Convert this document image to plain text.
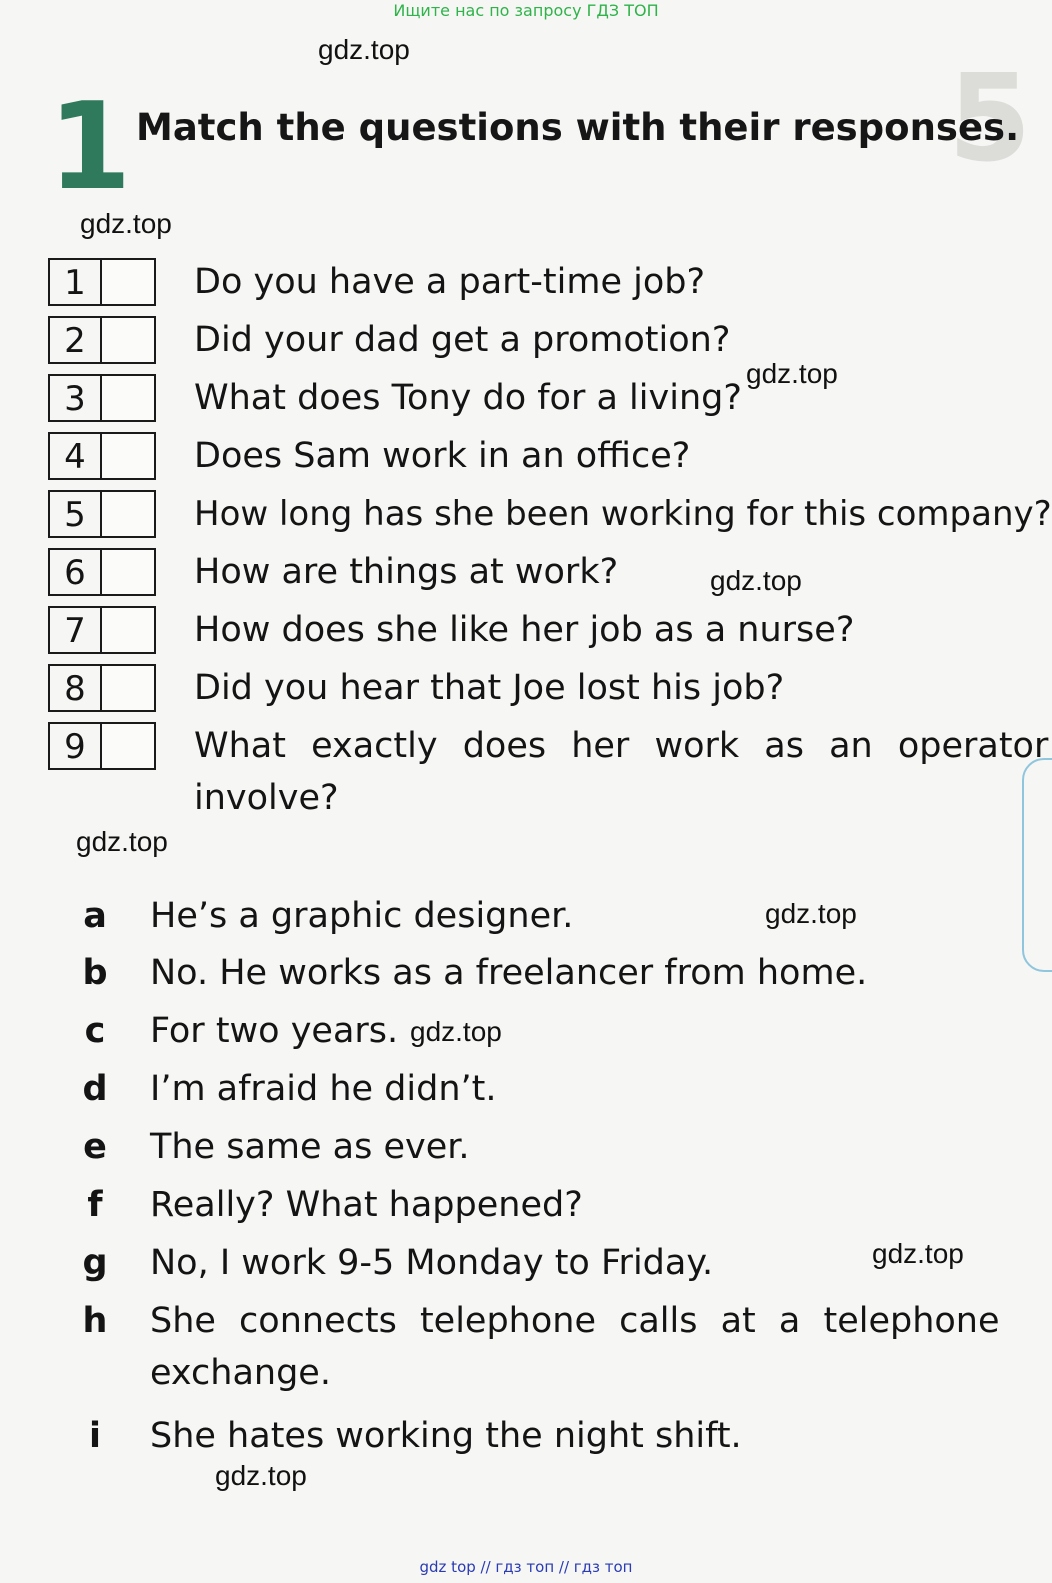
5
Ищите нас по запросу ГДЗ ТОП
1 Match the questions with their responses.
gdz.top
gdz.top
gdz.top
gdz.top
gdz.top
gdz.top
gdz.top
gdz.top
gdz.top
1	Do you have a part-time job?
2	Did your dad get a promotion?
3	What does Tony do for a living?
4	Does Sam work in an office?
5	How long has she been working for this company?
6	How are things at work?
7	How does she like her job as a nurse?
8	Did you hear that Joe lost his job?
9	What exactly does her work as an operator
involve?
a He’s a graphic designer.
b No. He works as a freelancer from home.
c For two years.
d I’m afraid he didn’t.
e The same as ever.
f Really? What happened?
g No, I work 9-5 Monday to Friday.
h She connects telephone calls at a telephone
exchange.
i She hates working the night shift.
gdz top // гдз топ // гдз топ
